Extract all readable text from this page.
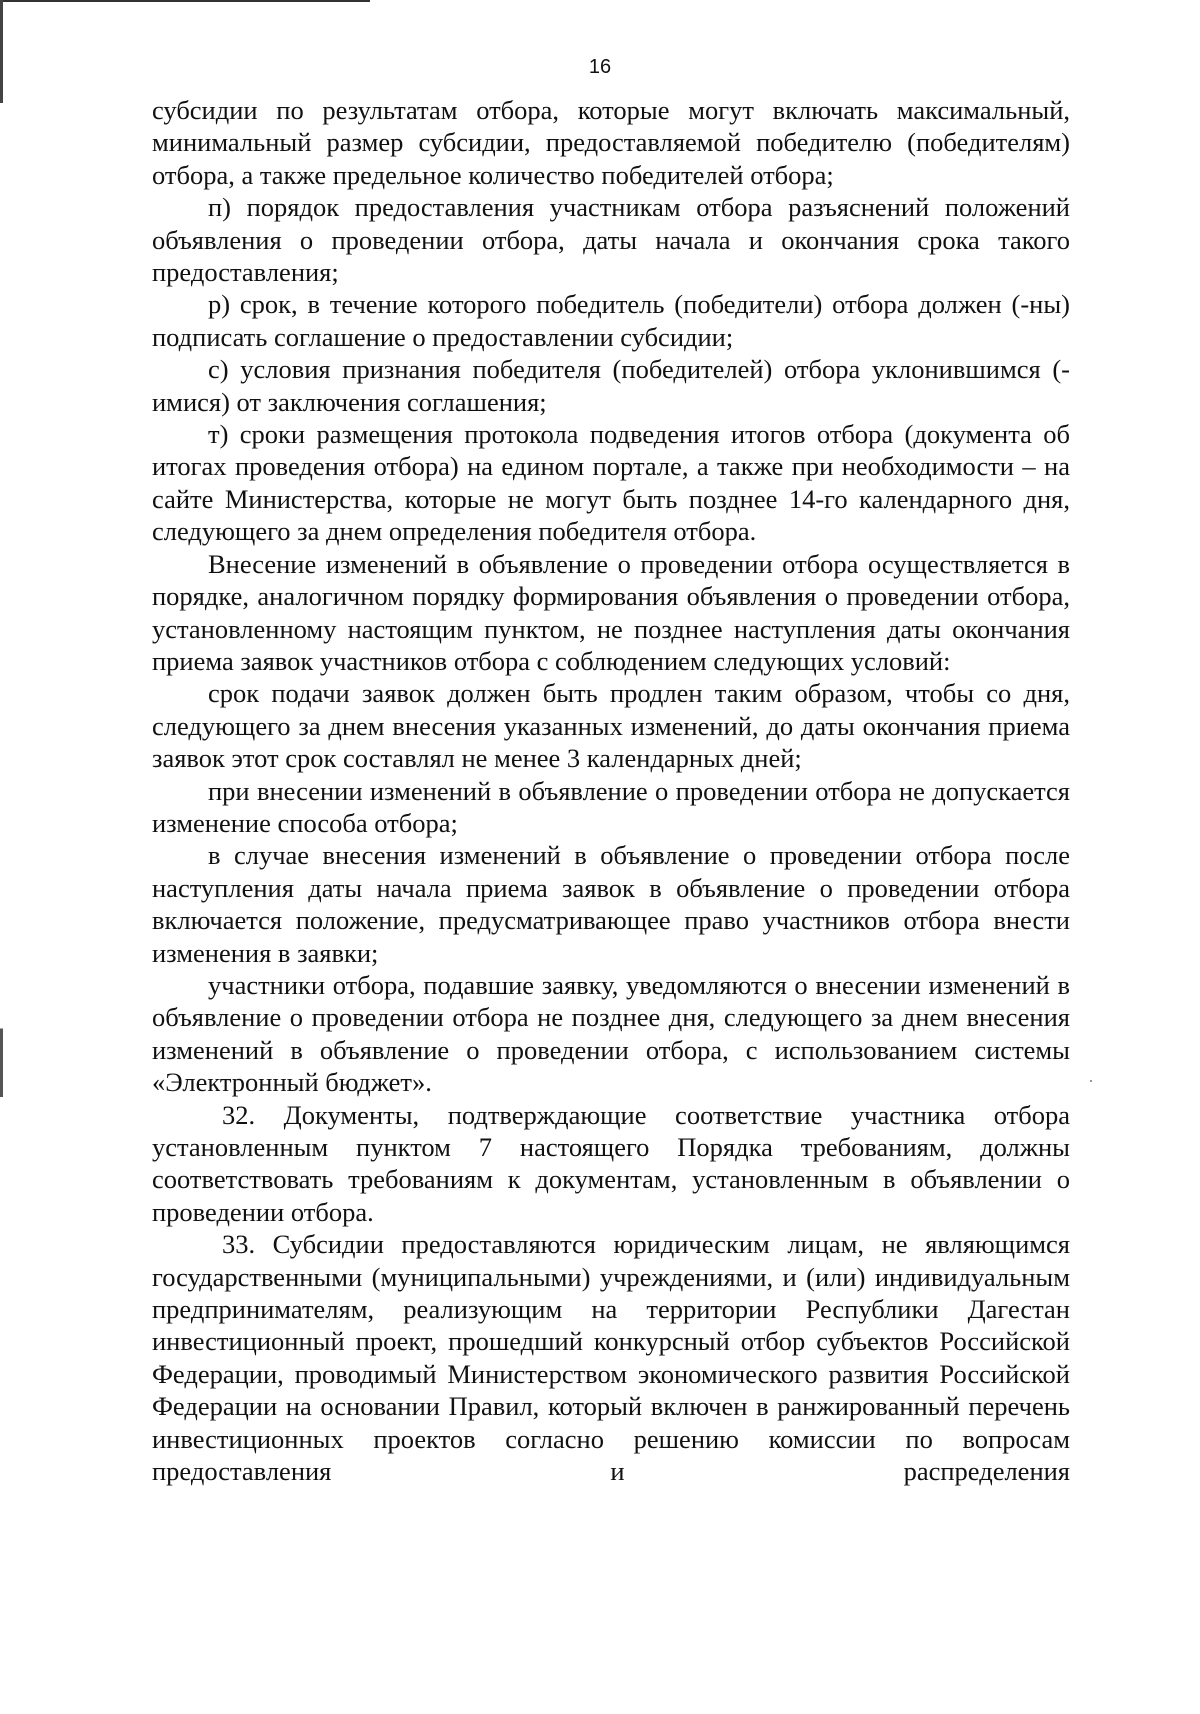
16

субсидии по результатам отбора, которые могут включать максимальный, минимальный размер субсидии, предоставляемой победителю (победителям) отбора, а также предельное количество победителей отбора;

п) порядок предоставления участникам отбора разъяснений положений объявления о проведении отбора, даты начала и окончания срока такого предоставления;

р) срок, в течение которого победитель (победители) отбора должен (-ны) подписать соглашение о предоставлении субсидии;

с) условия признания победителя (победителей) отбора уклонившимся (-имися) от заключения соглашения;

т) сроки размещения протокола подведения итогов отбора (документа об итогах проведения отбора) на едином портале, а также при необходимости – на сайте Министерства, которые не могут быть позднее 14-го календарного дня, следующего за днем определения победителя отбора.

Внесение изменений в объявление о проведении отбора осуществляется в порядке, аналогичном порядку формирования объявления о проведении отбора, установленному настоящим пунктом, не позднее наступления даты окончания приема заявок участников отбора с соблюдением следующих условий:

срок подачи заявок должен быть продлен таким образом, чтобы со дня, следующего за днем внесения указанных изменений, до даты окончания приема заявок этот срок составлял не менее 3 календарных дней;

при внесении изменений в объявление о проведении отбора не допускается изменение способа отбора;

в случае внесения изменений в объявление о проведении отбора после наступления даты начала приема заявок в объявление о проведении отбора включается положение, предусматривающее право участников отбора внести изменения в заявки;

участники отбора, подавшие заявку, уведомляются о внесении изменений в объявление о проведении отбора не позднее дня, следующего за днем внесения изменений в объявление о проведении отбора, с использованием системы «Электронный бюджет».

32. Документы, подтверждающие соответствие участника отбора установленным пунктом 7 настоящего Порядка требованиям, должны соответствовать требованиям к документам, установленным в объявлении о проведении отбора.

33. Субсидии предоставляются юридическим лицам, не являющимся государственными (муниципальными) учреждениями, и (или) индивидуальным предпринимателям, реализующим на территории Республики Дагестан инвестиционный проект, прошедший конкурсный отбор субъектов Российской Федерации, проводимый Министерством экономического развития Российской Федерации на основании Правил, который включен в ранжированный перечень инвестиционных проектов согласно решению комиссии по вопросам предоставления и распределения
